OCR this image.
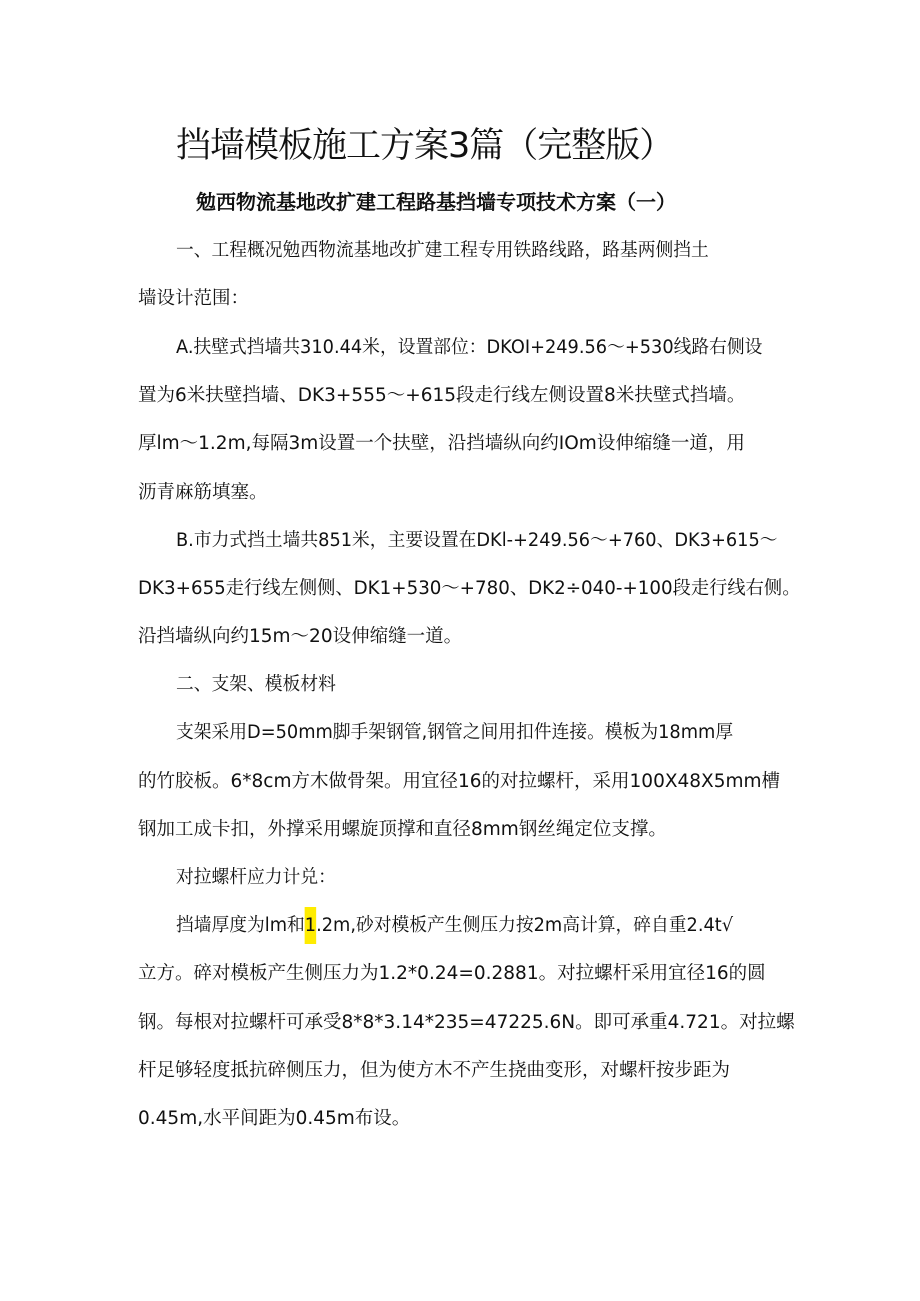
挡墙模板施工方案3篇（完整版）
勉西物流基地改扩建工程路基挡墙专项技术方案（一）
一、工程概况勉西物流基地改扩建工程专用铁路线路，路基两侧挡土
墙设计范围：
A.扶壁式挡墙共310.44米，设置部位：DKOI+249.56～+530线路右侧设
置为6米扶壁挡墙、DK3+555～+615段走行线左侧设置8米扶壁式挡墙。
厚lm～1.2m,每隔3m设置一个扶壁，沿挡墙纵向约IOm设伸缩缝一道，用
沥青麻筋填塞。
B.市力式挡土墙共851米，主要设置在DKl-+249.56～+760、DK3+615～
DK3+655走行线左侧侧、DK1+530～+780、DK2÷040-+100段走行线右侧。
沿挡墙纵向约15m～20设伸缩缝一道。
二、支架、模板材料
支架采用D=50mm脚手架钢管,钢管之间用扣件连接。模板为18mm厚
的竹胶板。6*8cm方木做骨架。用宜径16的对拉螺杆，采用100X48X5mm槽
钢加工成卡扣，外撑采用螺旋顶撑和直径8mm钢丝绳定位支撑。
对拉螺杆应力计兑：
挡墙厚度为lm和1.2m,砂对模板产生侧压力按2m高计算，碎自重2.4t√
立方。碎对模板产生侧压力为1.2*0.24=0.2881。对拉螺杆采用宜径16的圆
钢。每根对拉螺杆可承受8*8*3.14*235=47225.6N。即可承重4.721。对拉螺
杆足够轻度抵抗碎侧压力，但为使方木不产生挠曲变形，对螺杆按步距为
0.45m,水平间距为0.45m布设。
